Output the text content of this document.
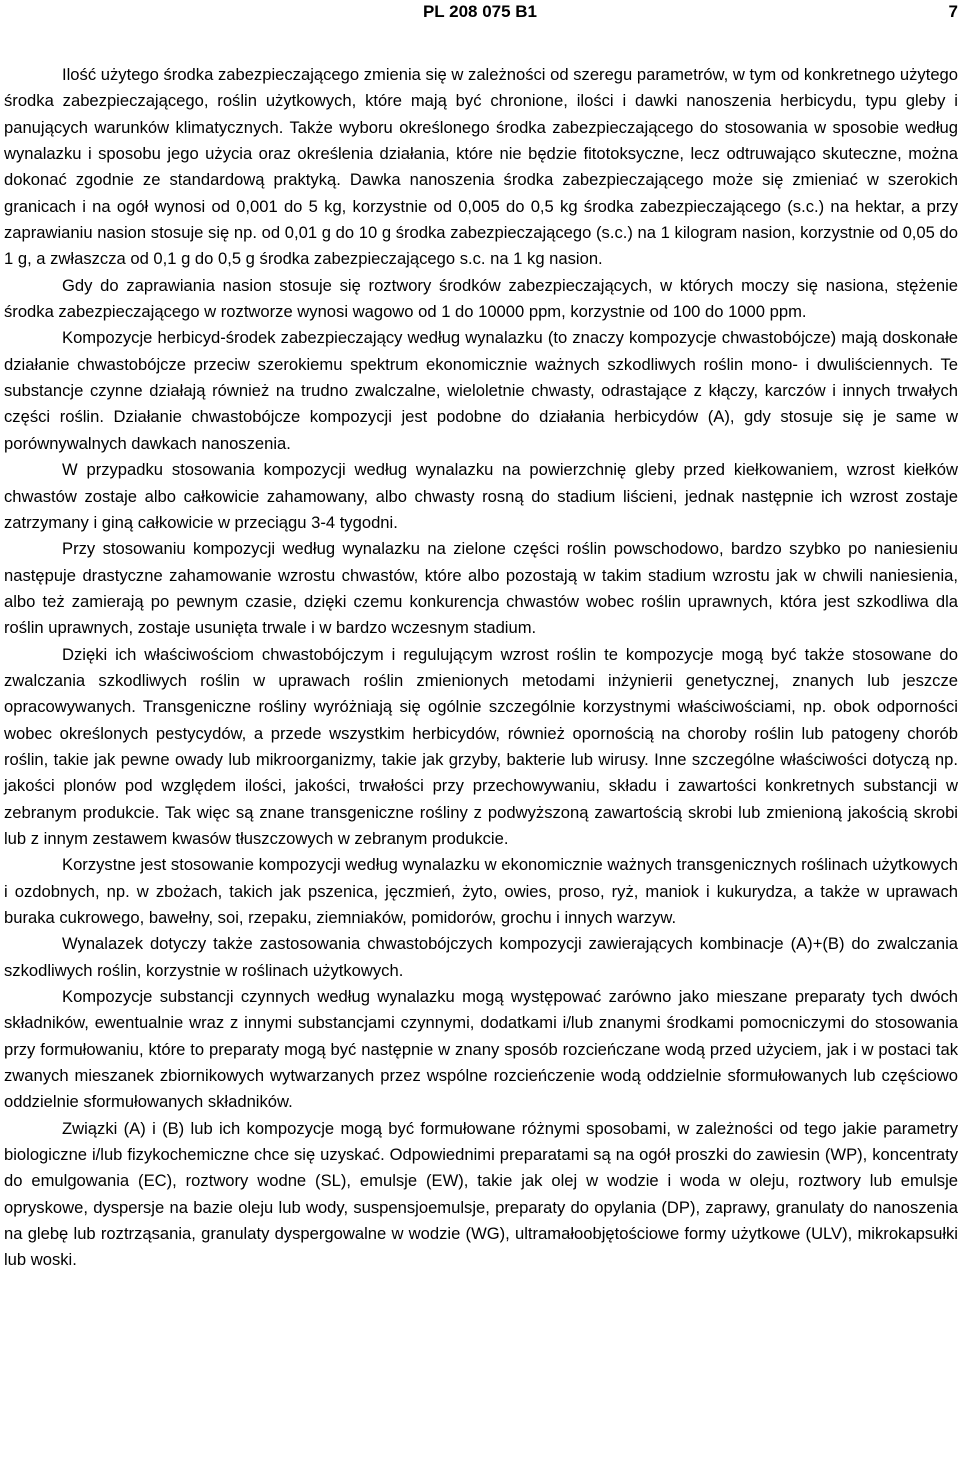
PL 208 075 B1	7

Ilość użytego środka zabezpieczającego zmienia się w zależności od szeregu parametrów, w tym od konkretnego użytego środka zabezpieczającego, roślin użytkowych, które mają być chronione, ilości i dawki nanoszenia herbicydu, typu gleby i panujących warunków klimatycznych. Także wyboru określonego środka zabezpieczającego do stosowania w sposobie według wynalazku i sposobu jego użycia oraz określenia działania, które nie będzie fitotoksyczne, lecz odtruwająco skuteczne, można dokonać zgodnie ze standardową praktyką. Dawka nanoszenia środka zabezpieczającego może się zmieniać w szerokich granicach i na ogół wynosi od 0,001 do 5 kg, korzystnie od 0,005 do 0,5 kg środka zabezpieczającego (s.c.) na hektar, a przy zaprawianiu nasion stosuje się np. od 0,01 g do 10 g środka zabezpieczającego (s.c.) na 1 kilogram nasion, korzystnie od 0,05 do 1 g, a zwłaszcza od 0,1 g do 0,5 g środka zabezpieczającego s.c. na 1 kg nasion.

Gdy do zaprawiania nasion stosuje się roztwory środków zabezpieczających, w których moczy się nasiona, stężenie środka zabezpieczającego w roztworze wynosi wagowo od 1 do 10000 ppm, korzystnie od 100 do 1000 ppm.

Kompozycje herbicyd-środek zabezpieczający według wynalazku (to znaczy kompozycje chwastobójcze) mają doskonałe działanie chwastobójcze przeciw szerokiemu spektrum ekonomicznie ważnych szkodliwych roślin mono- i dwuliściennych. Te substancje czynne działają również na trudno zwalczalne, wieloletnie chwasty, odrastające z kłączy, karczów i innych trwałych części roślin. Działanie chwastobójcze kompozycji jest podobne do działania herbicydów (A), gdy stosuje się je same w porównywalnych dawkach nanoszenia.

W przypadku stosowania kompozycji według wynalazku na powierzchnię gleby przed kiełkowaniem, wzrost kiełków chwastów zostaje albo całkowicie zahamowany, albo chwasty rosną do stadium liścieni, jednak następnie ich wzrost zostaje zatrzymany i giną całkowicie w przeciągu 3-4 tygodni.

Przy stosowaniu kompozycji według wynalazku na zielone części roślin powschodowo, bardzo szybko po naniesieniu następuje drastyczne zahamowanie wzrostu chwastów, które albo pozostają w takim stadium wzrostu jak w chwili naniesienia, albo też zamierają po pewnym czasie, dzięki czemu konkurencja chwastów wobec roślin uprawnych, która jest szkodliwa dla roślin uprawnych, zostaje usunięta trwale i w bardzo wczesnym stadium.

Dzięki ich właściwościom chwastobójczym i regulującym wzrost roślin te kompozycje mogą być także stosowane do zwalczania szkodliwych roślin w uprawach roślin zmienionych metodami inżynierii genetycznej, znanych lub jeszcze opracowywanych. Transgeniczne rośliny wyróżniają się ogólnie szczególnie korzystnymi właściwościami, np. obok odporności wobec określonych pestycydów, a przede wszystkim herbicydów, również opornością na choroby roślin lub patogeny chorób roślin, takie jak pewne owady lub mikroorganizmy, takie jak grzyby, bakterie lub wirusy. Inne szczególne właściwości dotyczą np. jakości plonów pod względem ilości, jakości, trwałości przy przechowywaniu, składu i zawartości konkretnych substancji w zebranym produkcie. Tak więc są znane transgeniczne rośliny z podwyższoną zawartością skrobi lub zmienioną jakością skrobi lub z innym zestawem kwasów tłuszczowych w zebranym produkcie.

Korzystne jest stosowanie kompozycji według wynalazku w ekonomicznie ważnych transgenicznych roślinach użytkowych i ozdobnych, np. w zbożach, takich jak pszenica, jęczmień, żyto, owies, proso, ryż, maniok i kukurydza, a także w uprawach buraka cukrowego, bawełny, soi, rzepaku, ziemniaków, pomidorów, grochu i innych warzyw.

Wynalazek dotyczy także zastosowania chwastobójczych kompozycji zawierających kombinacje (A)+(B) do zwalczania szkodliwych roślin, korzystnie w roślinach użytkowych.

Kompozycje substancji czynnych według wynalazku mogą występować zarówno jako mieszane preparaty tych dwóch składników, ewentualnie wraz z innymi substancjami czynnymi, dodatkami i/lub znanymi środkami pomocniczymi do stosowania przy formułowaniu, które to preparaty mogą być następnie w znany sposób rozcieńczane wodą przed użyciem, jak i w postaci tak zwanych mieszanek zbiornikowych wytwarzanych przez wspólne rozcieńczenie wodą oddzielnie sformułowanych lub częściowo oddzielnie sformułowanych składników.

Związki (A) i (B) lub ich kompozycje mogą być formułowane różnymi sposobami, w zależności od tego jakie parametry biologiczne i/lub fizykochemiczne chce się uzyskać. Odpowiednimi preparatami są na ogół proszki do zawiesin (WP), koncentraty do emulgowania (EC), roztwory wodne (SL), emulsje (EW), takie jak olej w wodzie i woda w oleju, roztwory lub emulsje opryskowe, dyspersje na bazie oleju lub wody, suspensjoemulsje, preparaty do opylania (DP), zaprawy, granulaty do nanoszenia na glebę lub roztrząsania, granulaty dyspergowalne w wodzie (WG), ultramałoobjętościowe formy użytkowe (ULV), mikrokapsułki lub woski.
